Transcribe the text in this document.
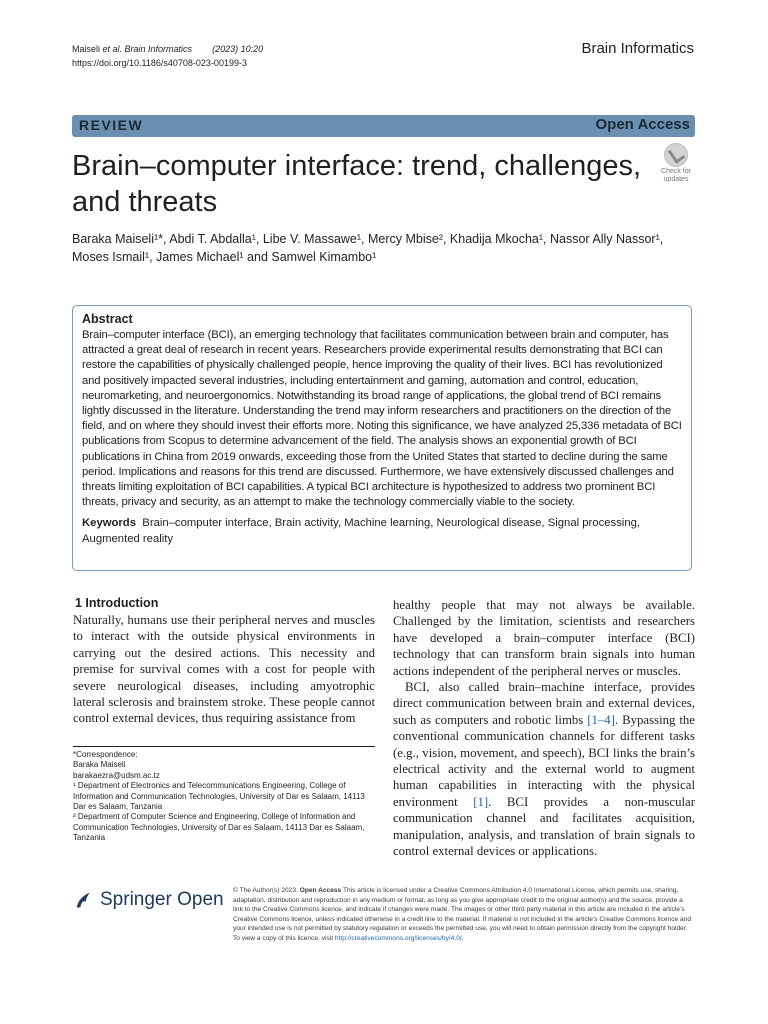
Maiseli et al. Brain Informatics (2023) 10:20
https://doi.org/10.1186/s40708-023-00199-3
Brain Informatics
REVIEW	Open Access
Brain–computer interface: trend, challenges, and threats
Check for updates
Baraka Maiseli¹*, Abdi T. Abdalla¹, Libe V. Massawe¹, Mercy Mbise², Khadija Mkocha¹, Nassor Ally Nassor¹, Moses Ismail¹, James Michael¹ and Samwel Kimambo¹
Abstract
Brain–computer interface (BCI), an emerging technology that facilitates communication between brain and computer, has attracted a great deal of research in recent years. Researchers provide experimental results demonstrating that BCI can restore the capabilities of physically challenged people, hence improving the quality of their lives. BCI has revolutionized and positively impacted several industries, including entertainment and gaming, automation and control, education, neuromarketing, and neuroergonomics. Notwithstanding its broad range of applications, the global trend of BCI remains lightly discussed in the literature. Understanding the trend may inform researchers and practitioners on the direction of the field, and on where they should invest their efforts more. Noting this significance, we have analyzed 25,336 metadata of BCI publications from Scopus to determine advancement of the field. The analysis shows an exponential growth of BCI publications in China from 2019 onwards, exceeding those from the United States that started to decline during the same period. Implications and reasons for this trend are discussed. Furthermore, we have extensively discussed challenges and threats limiting exploitation of BCI capabilities. A typical BCI architecture is hypothesized to address two prominent BCI threats, privacy and security, as an attempt to make the technology commercially viable to the society.
Keywords Brain–computer interface, Brain activity, Machine learning, Neurological disease, Signal processing, Augmented reality
1 Introduction
Naturally, humans use their peripheral nerves and muscles to interact with the outside physical environments in carrying out the desired actions. This necessity and premise for survival comes with a cost for people with severe neurological diseases, including amyotrophic lateral sclerosis and brainstem stroke. These people cannot control external devices, thus requiring assistance from
healthy people that may not always be available. Challenged by the limitation, scientists and researchers have developed a brain–computer interface (BCI) technology that can transform brain signals into human actions independent of the peripheral nerves or muscles.
BCI, also called brain–machine interface, provides direct communication between brain and external devices, such as computers and robotic limbs [1–4]. Bypassing the conventional communication channels for different tasks (e.g., vision, movement, and speech), BCI links the brain’s electrical activity and the external world to augment human capabilities in interacting with the physical environment [1]. BCI provides a non-muscular communication channel and facilitates acquisition, manipulation, analysis, and translation of brain signals to control external devices or applications.
*Correspondence:
Baraka Maiseli
barakaezra@udsm.ac.tz
¹ Department of Electronics and Telecommunications Engineering, College of Information and Communication Technologies, University of Dar es Salaam, 14113 Dar es Salaam, Tanzania
² Department of Computer Science and Engineering, College of Information and Communication Technologies, University of Dar es Salaam, 14113 Dar es Salaam, Tanzania
Springer Open © The Author(s) 2023. Open Access This article is licensed under a Creative Commons Attribution 4.0 International License, which permits use, sharing, adaptation, distribution and reproduction in any medium or format, as long as you give appropriate credit to the original author(s) and the source, provide a link to the Creative Commons licence, and indicate if changes were made. The images or other third party material in this article are included in the article’s Creative Commons licence, unless indicated otherwise in a credit line to the material. If material is not included in the article’s Creative Commons licence and your intended use is not permitted by statutory regulation or exceeds the permitted use, you will need to obtain permission directly from the copyright holder. To view a copy of this licence, visit http://creativecommons.org/licenses/by/4.0/.
